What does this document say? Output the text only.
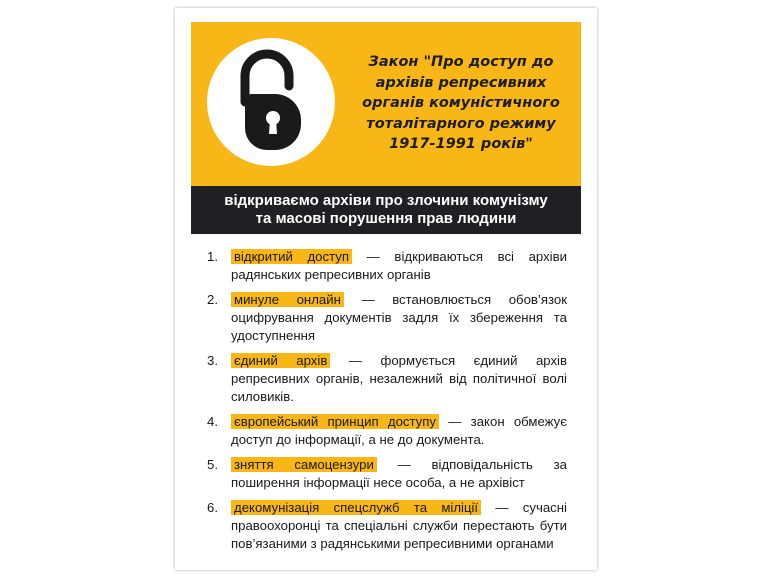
Закон "Про доступ до
архівів репресивних
органів комуністичного
тоталітарного режиму
1917-1991 років"
відкриваємо архіви про злочини комунізму
та масові порушення прав людини
1.	відкритий доступ — відкриваються всі архіви радянських репресивних органів
2.	минуле онлайн — встановлюється обов’язок оцифрування документів задля їх збереження та удоступнення
3.	єдиний архів — формується єдиний архів репресивних органів, незалежний від політичної волі силовиків.
4.	європейський принцип доступу — закон обмежує доступ до інформації, а не до документа.
5.	зняття самоцензури — відповідальність за поширення інформації несе особа, а не архівіст
6.	декомунізація спецслужб та міліції — сучасні правоохоронці та спеціальні служби перестають бути пов’язаними з радянськими репресивними органами
